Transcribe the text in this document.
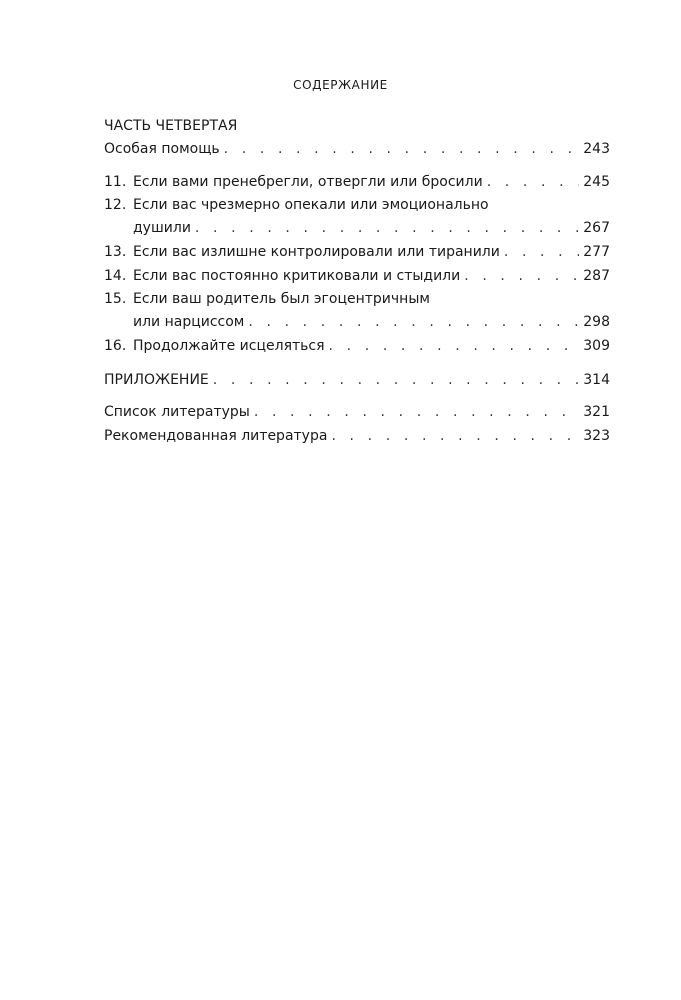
СОДЕРЖАНИЕ
ЧАСТЬ ЧЕТВЕРТАЯ
Особая помощь . . .	243
11. Если вами пренебрегли, отвергли или бросили . . .	245
12. Если вас чрезмерно опекали или эмоционально
душили . . .	267
13. Если вас излишне контролировали или тиранили . . .	277
14. Если вас постоянно критиковали и стыдили . . .	287
15. Если ваш родитель был эгоцентричным
или нарциссом . . .	298
16. Продолжайте исцеляться . . .	309
ПРИЛОЖЕНИЕ . . .	314
Список литературы . . .	321
Рекомендованная литература . . .	323
